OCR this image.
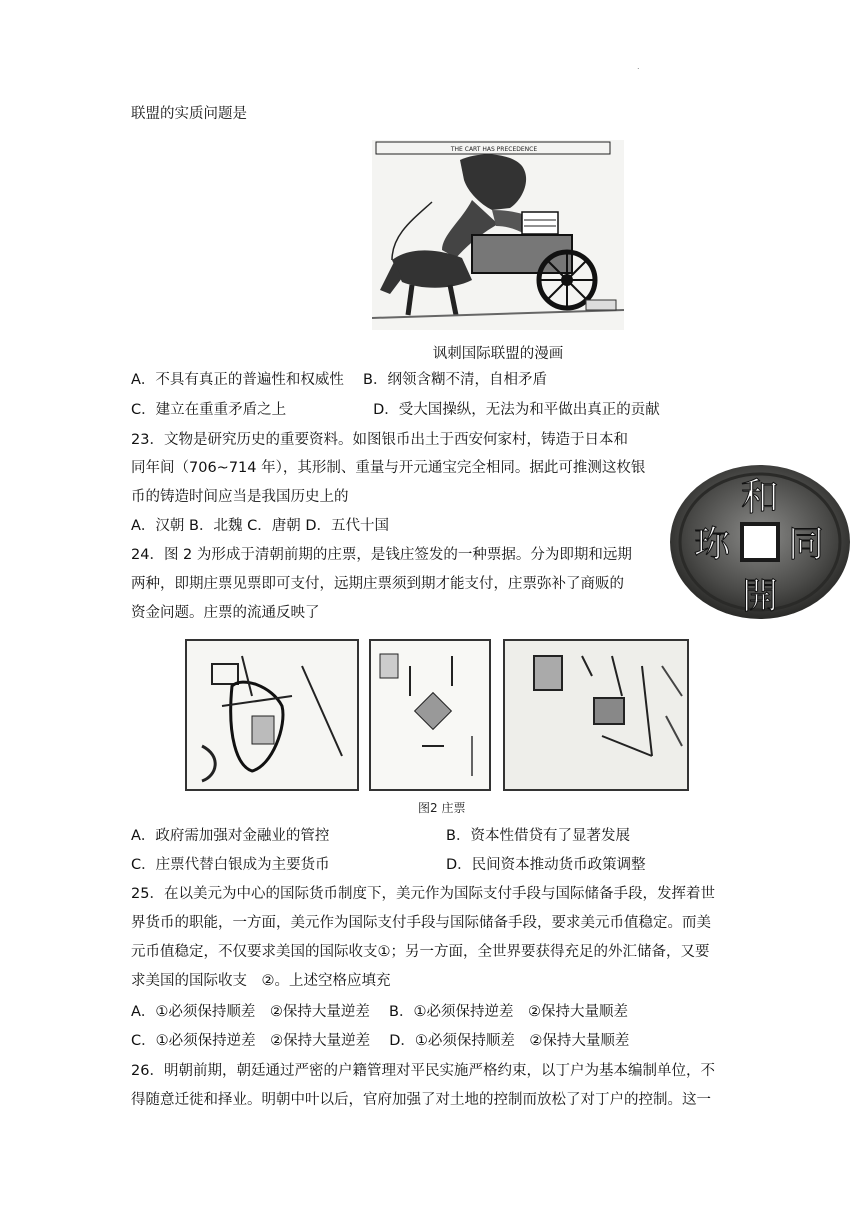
.
联盟的实质问题是
THE CART HAS PRECEDENCE
讽刺国际联盟的漫画
A．不具有真正的普遍性和权威性　 B．纲领含糊不清，自相矛盾
C．建立在重重矛盾之上　　　　　　D．受大国操纵，无法为和平做出真正的贡献
23．文物是研究历史的重要资料。如图银币出土于西安何家村，铸造于日本和
同年间（706~714 年），其形制、重量与开元通宝完全相同。据此可推测这枚银
币的铸造时间应当是我国历史上的
A．汉朝 B．北魏 C．唐朝 D．五代十国
和
同
開
珎
24．图 2 为形成于清朝前期的庄票，是钱庄签发的一种票据。分为即期和远期
两种，即期庄票见票即可支付，远期庄票须到期才能支付，庄票弥补了商贩的
资金问题。庄票的流通反映了
图2 庄票
A．政府需加强对金融业的管控	B．资本性借贷有了显著发展
C．庄票代替白银成为主要货币	D．民间资本推动货币政策调整
25．在以美元为中心的国际货币制度下，美元作为国际支付手段与国际储备手段，发挥着世
界货币的职能，一方面，美元作为国际支付手段与国际储备手段，要求美元币值稳定。而美
元币值稳定，不仅要求美国的国际收支①；另一方面，全世界要获得充足的外汇储备，又要
求美国的国际收支　②。上述空格应填充
A．①必须保持顺差　②保持大量逆差　 B．①必须保持逆差　②保持大量顺差
C．①必须保持逆差　②保持大量逆差　 D．①必须保持顺差　②保持大量顺差
26．明朝前期，朝廷通过严密的户籍管理对平民实施严格约束，以丁户为基本编制单位，不
得随意迁徙和择业。明朝中叶以后，官府加强了对土地的控制而放松了对丁户的控制。这一
